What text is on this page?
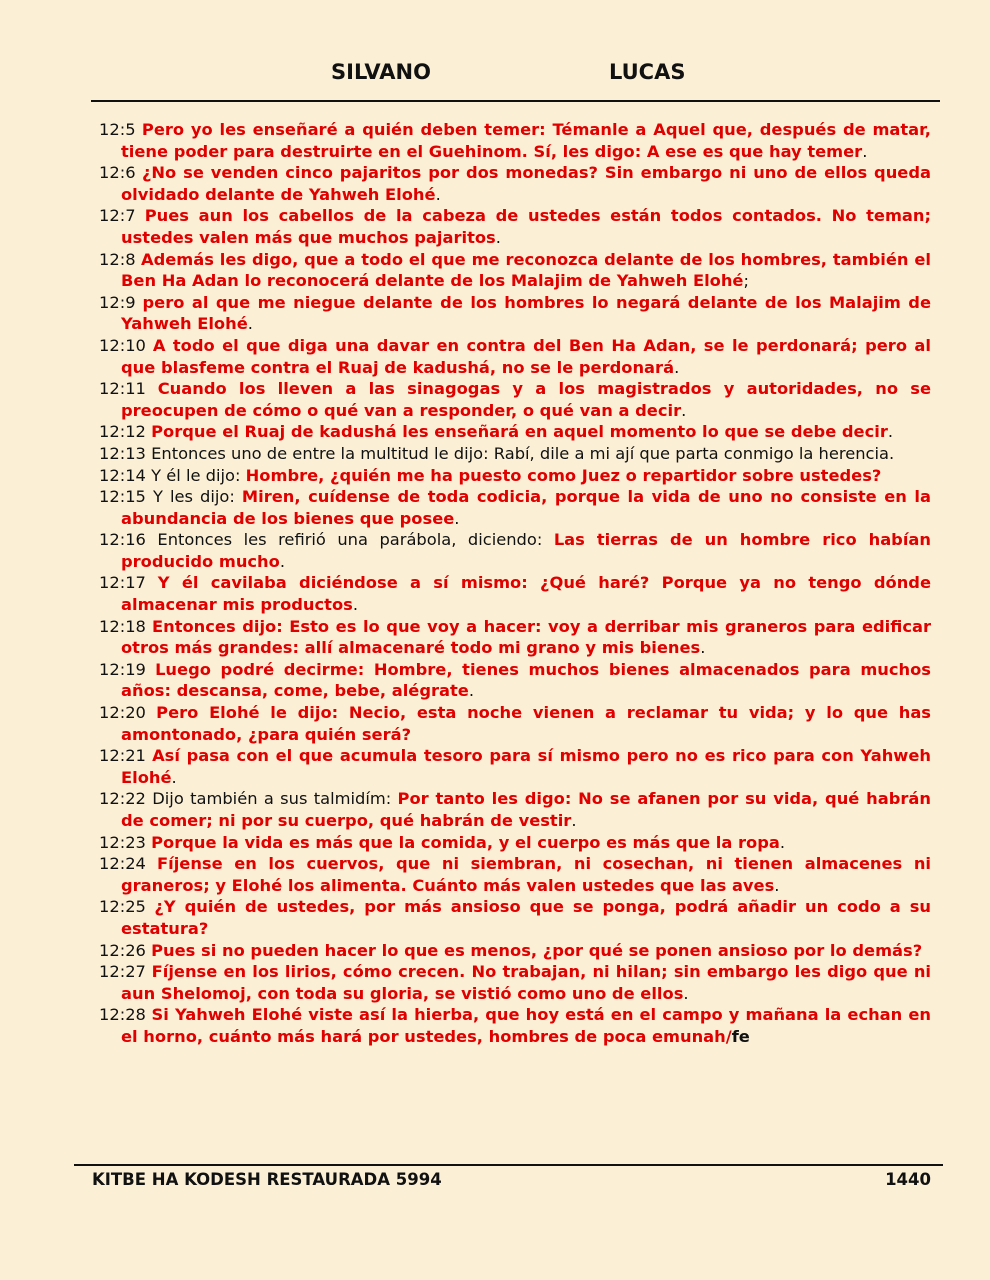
SILVANO	LUCAS

12:5 Pero yo les enseñaré a quién deben temer: Témanle a Aquel que, después de matar, tiene poder para destruirte en el Guehinom. Sí, les digo: A ese es que hay temer.

12:6 ¿No se venden cinco pajaritos por dos monedas? Sin embargo ni uno de ellos queda olvidado delante de Yahweh Elohé.

12:7 Pues aun los cabellos de la cabeza de ustedes están todos contados. No teman; ustedes valen más que muchos pajaritos.

12:8 Además les digo, que a todo el que me reconozca delante de los hombres, también el Ben Ha Adan lo reconocerá delante de los Malajim de Yahweh Elohé;

12:9 pero al que me niegue delante de los hombres lo negará delante de los Malajim de Yahweh Elohé.

12:10 A todo el que diga una davar en contra del Ben Ha Adan, se le perdonará; pero al que blasfeme contra el Ruaj de kadushá, no se le perdonará.

12:11 Cuando los lleven a las sinagogas y a los magistrados y autoridades, no se preocupen de cómo o qué van a responder, o qué van a decir.

12:12 Porque el Ruaj de kadushá les enseñará en aquel momento lo que se debe decir.

12:13 Entonces uno de entre la multitud le dijo: Rabí, dile a mi ají que parta conmigo la herencia.

12:14 Y él le dijo: Hombre, ¿quién me ha puesto como Juez o repartidor sobre ustedes?

12:15 Y les dijo: Miren, cuídense de toda codicia, porque la vida de uno no consiste en la abundancia de los bienes que posee.

12:16 Entonces les refirió una parábola, diciendo: Las tierras de un hombre rico habían producido mucho.

12:17 Y él cavilaba diciéndose a sí mismo: ¿Qué haré? Porque ya no tengo dónde almacenar mis productos.

12:18 Entonces dijo: Esto es lo que voy a hacer: voy a derribar mis graneros para edificar otros más grandes: allí almacenaré todo mi grano y mis bienes.

12:19 Luego podré decirme: Hombre, tienes muchos bienes almacenados para muchos años: descansa, come, bebe, alégrate.

12:20 Pero Elohé le dijo: Necio, esta noche vienen a reclamar tu vida; y lo que has amontonado, ¿para quién será?

12:21 Así pasa con el que acumula tesoro para sí mismo pero no es rico para con Yahweh Elohé.

12:22 Dijo también a sus talmidím: Por tanto les digo: No se afanen por su vida, qué habrán de comer; ni por su cuerpo, qué habrán de vestir.

12:23 Porque la vida es más que la comida, y el cuerpo es más que la ropa.

12:24 Fíjense en los cuervos, que ni siembran, ni cosechan, ni tienen almacenes ni graneros; y Elohé los alimenta. Cuánto más valen ustedes que las aves.

12:25 ¿Y quién de ustedes, por más ansioso que se ponga, podrá añadir un codo a su estatura?

12:26 Pues si no pueden hacer lo que es menos, ¿por qué se ponen ansioso por lo demás?

12:27 Fíjense en los lirios, cómo crecen. No trabajan, ni hilan; sin embargo les digo que ni aun Shelomoj, con toda su gloria, se vistió como uno de ellos.

12:28 Si Yahweh Elohé viste así la hierba, que hoy está en el campo y mañana la echan en el horno, cuánto más hará por ustedes, hombres de poca emunah/fe

KITBE HA KODESH RESTAURADA 5994	1440
